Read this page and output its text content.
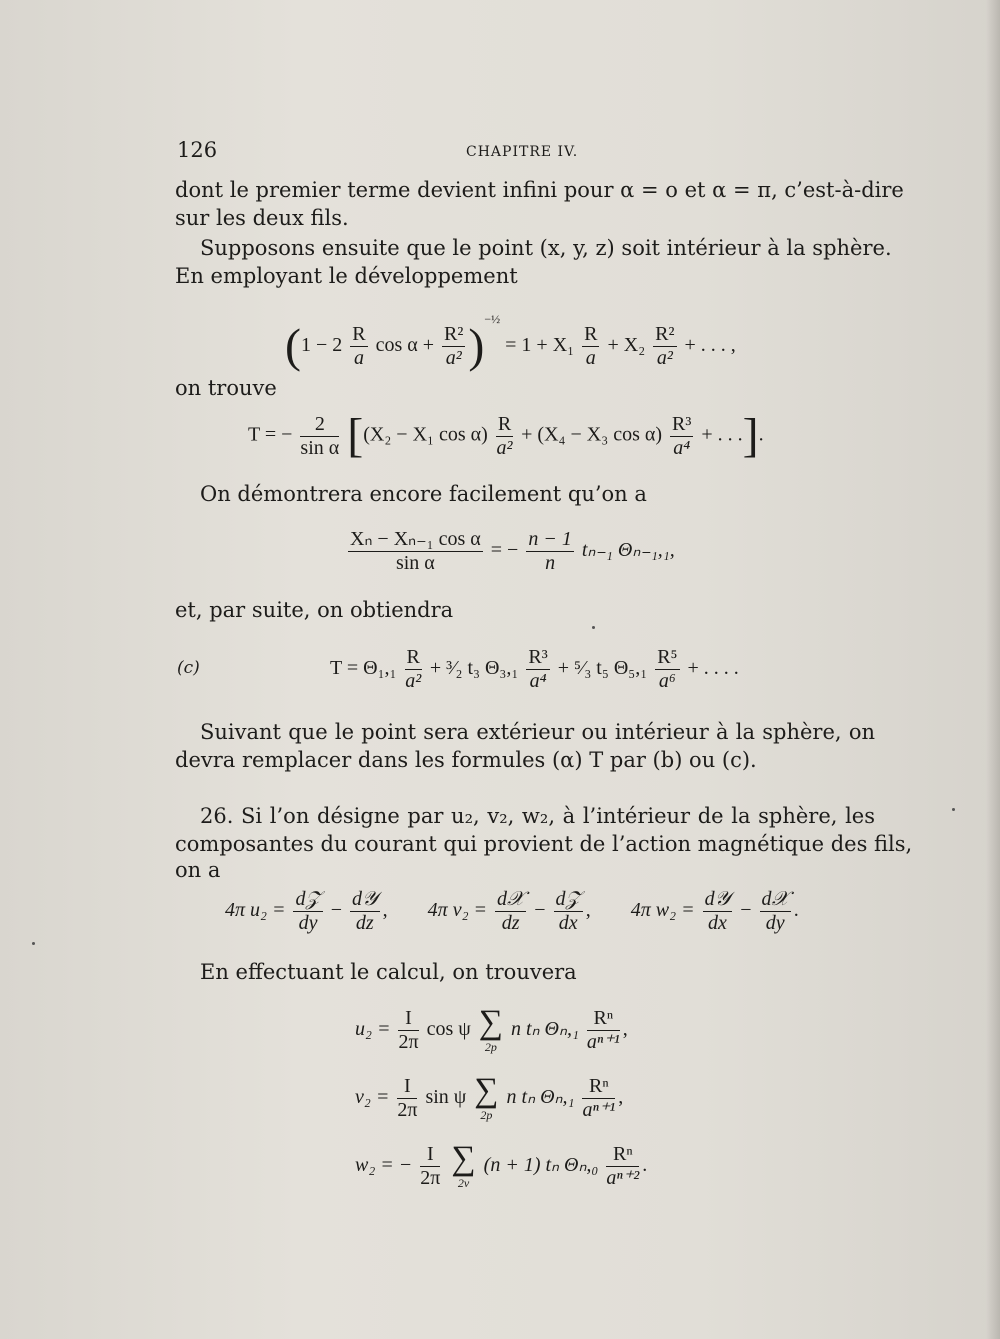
126	CHAPITRE IV.
dont le premier terme devient infini pour α = o et α = π, c’est-à-dire
sur les deux fils.
Supposons ensuite que le point (x, y, z) soit intérieur à la sphère.
En employant le développement
($1 - 2 \frac{R}{a}$ $\cos \alpha + \frac{\text{R²}}{\text{a²}} )^{-\frac{1}{2}} = 1 + X_1 \frac{R}{a} + X_2 \frac{\text{R²}}{\text{a²}}$ + . . . ,
on trouve
T = − $\frac{2}{\text{sin α}} [(X_2 - X_1$ $\cos \alpha) \frac{R}{\text{a²}} + (X_4 - X_3$ $\cos \alpha) \frac{\text{R³}}{\text{a⁴}}$ + . . .].
On démontrera encore facilement qu’on a
$\frac{\text{Xₙ − Xₙ₋₁ cos α}}{\text{sin α}}$ = − $\frac{n - 1}{n} t_{n-1}$ Θₙ₋₁,₁,
et, par suite, on obtiendra
(c)	$T = \Theta_1,_1 \frac{R}{\text{a²}}$ + ³⁄₂ t₃ $\Theta_3,_1 \frac{\text{R³}}{\text{a⁴}}$ + ⁵⁄₃ t₅ $\Theta_5,_1 \frac{\text{R⁵}}{\text{a⁶}}$ + . . . .
Suivant que le point sera extérieur ou intérieur à la sphère, on
devra remplacer dans les formules (α) T par (b) ou (c).
26. Si l’on désigne par u₂, v₂, w₂, à l’intérieur de la sphère, les
composantes du courant qui provient de l’action magnétique des fils,
on a
4π $u_2 = \frac{\text{d𝒵}}{dy} - \frac{\text{d𝒴}}{dz}$ ,  4π $v_2 = \frac{\text{d𝒳}}{dz} - \frac{\text{d𝒵}}{dx}$ ,  4π $w_2 = \frac{\text{d𝒴}}{dx} - \frac{\text{d𝒳}}{dy}$ .
En effectuant le calcul, on trouvera
$u_2 = \frac{I}{2\pi}$ cos ψ ∑
2p
n tₙ $\Theta_n,_1 \frac{\text{Rⁿ}}{\text{aⁿ⁺¹}}$ ,
$v_2 = \frac{I}{2\pi}$ sin ψ ∑
2p
n tₙ $\Theta_n,_1 \frac{\text{Rⁿ}}{\text{aⁿ⁺¹}}$ ,
w₂ = − $\frac{I}{2\pi}$
∑
2v
(n + 1) tₙ $\Theta_n,_0 \frac{\text{Rⁿ}}{\text{aⁿ⁺²}}$ .
